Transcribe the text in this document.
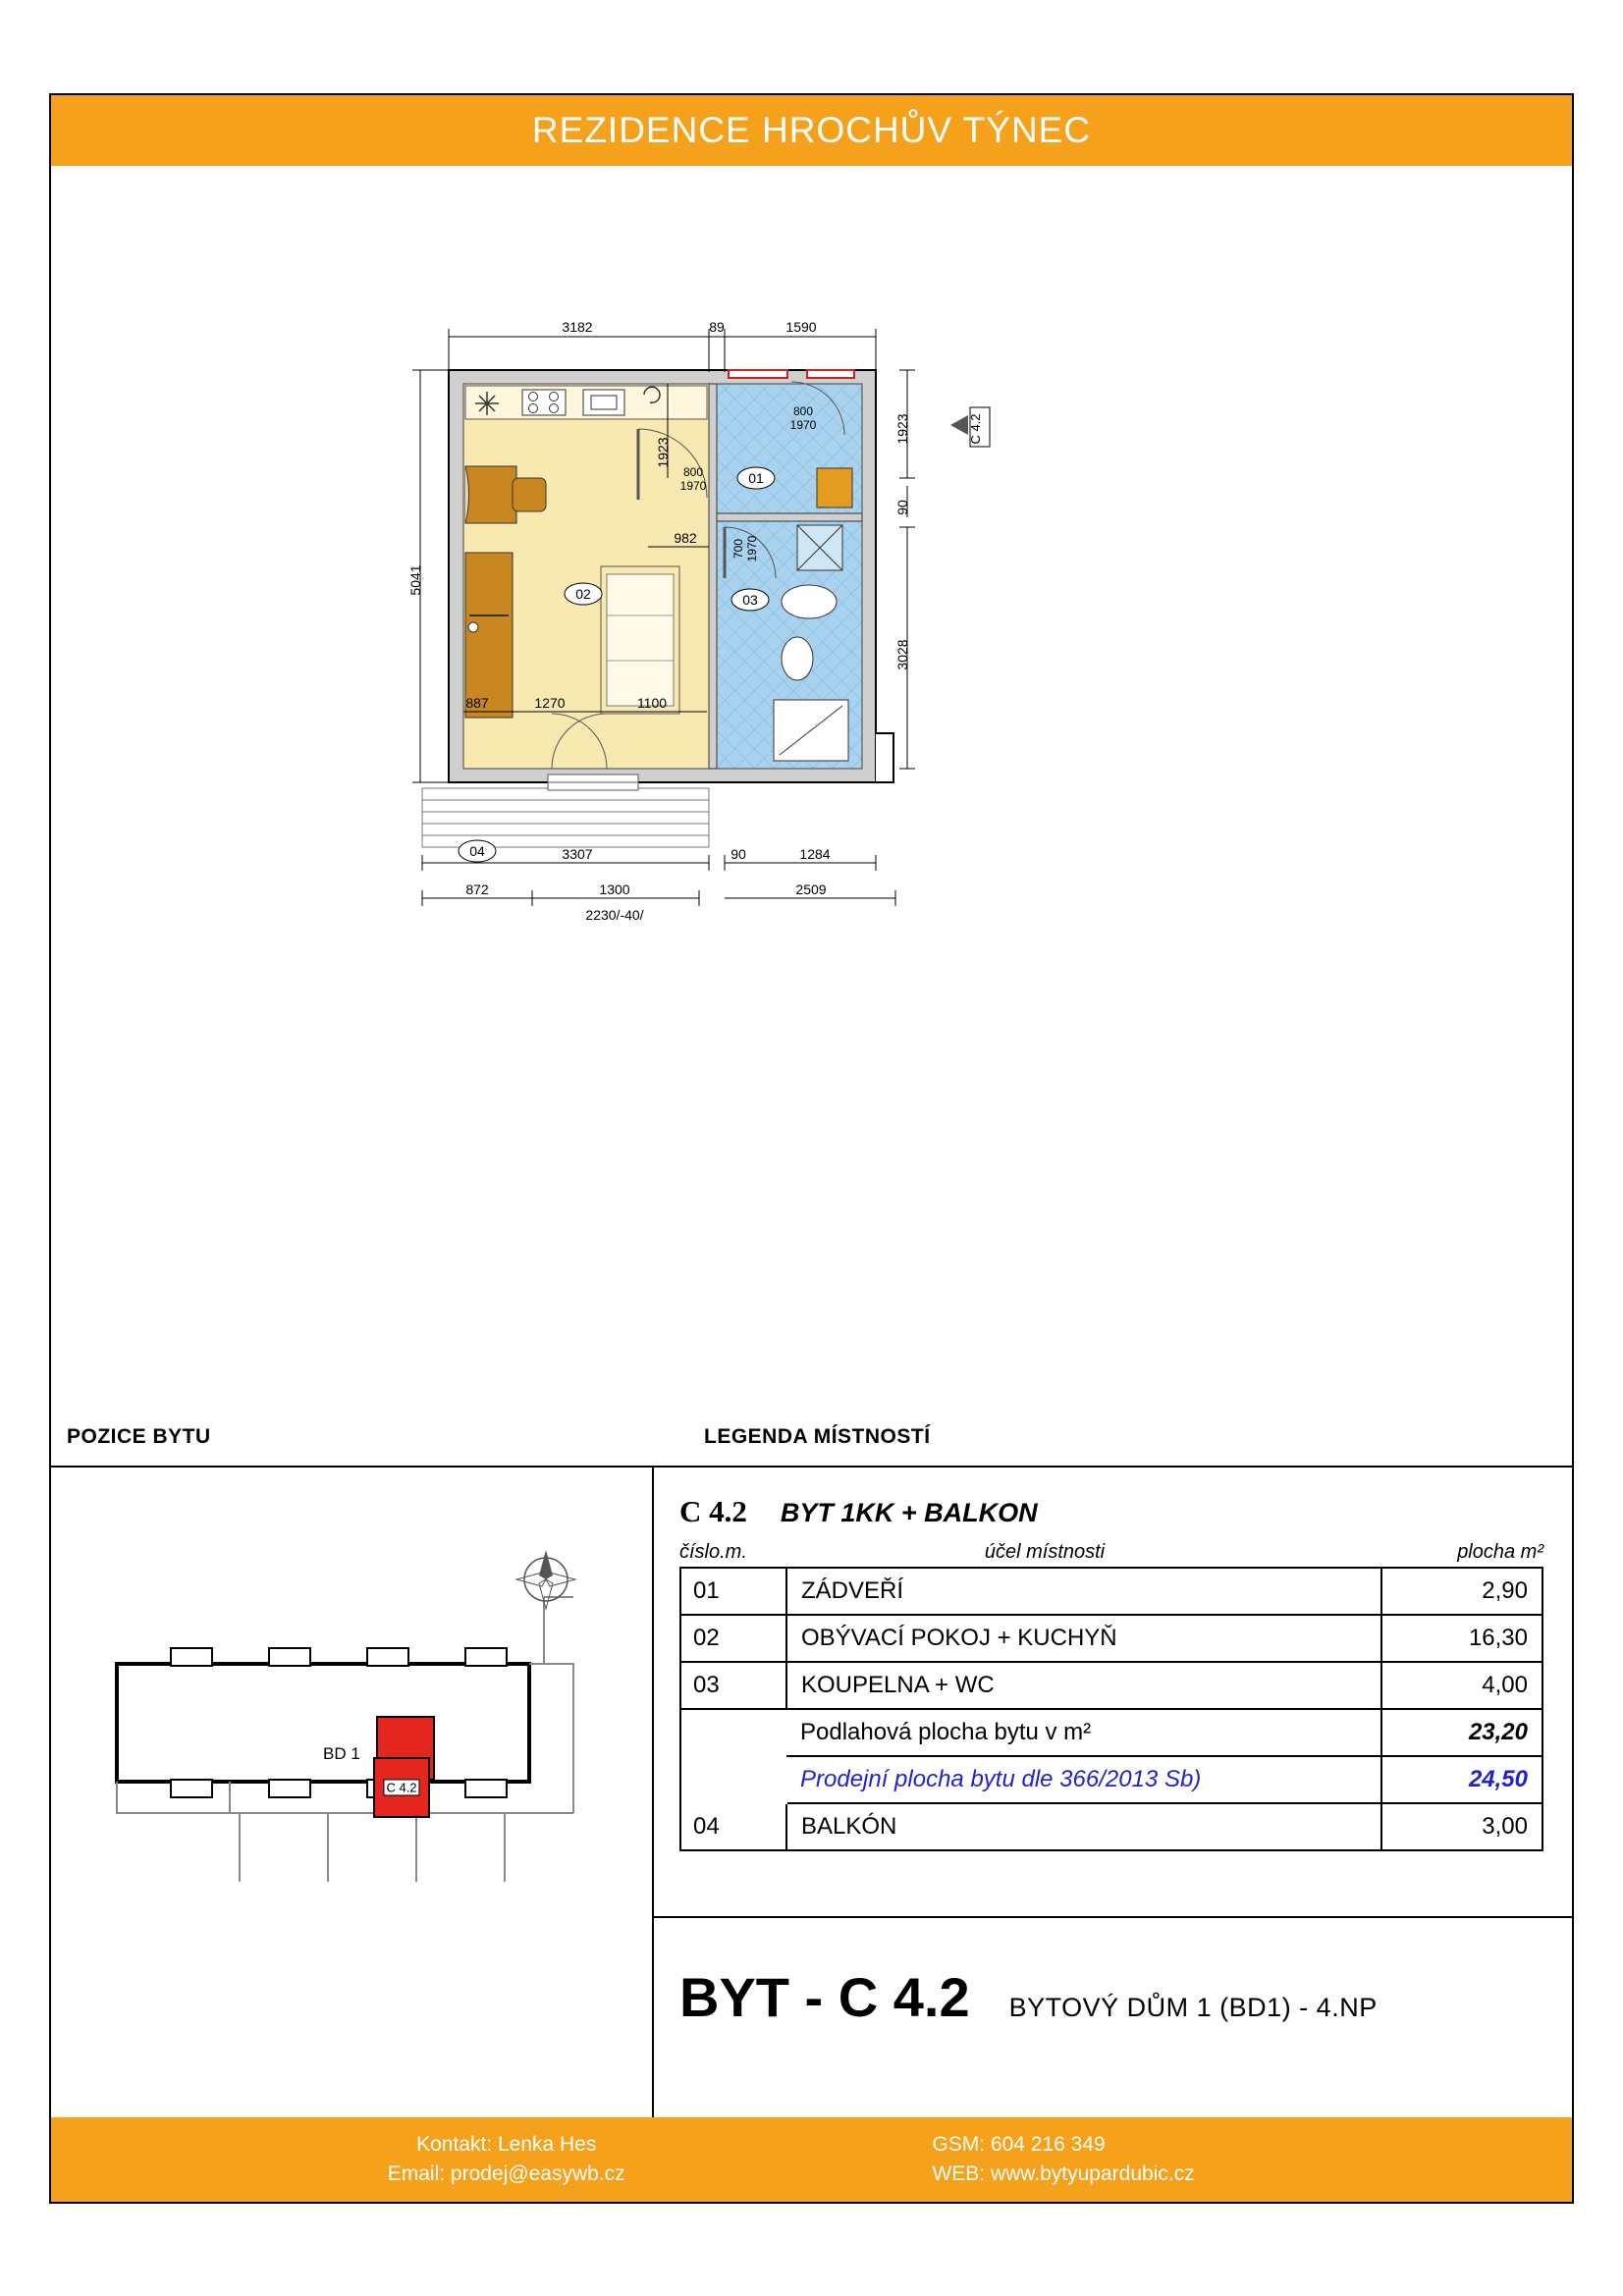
REZIDENCE HROCHŮV TÝNEC
3182	89	1590
3307	90	1284
872	1300	2509
2230/-40/
1923
1923
90
3028
5041
982
887	1270	1100
800
1970
800
1970
700 1970
01
02	03
04
C 4.2
POZICE BYTU	LEGENDA MÍSTNOSTÍ
BD 1
C 4.2
C 4.2 BYT 1KK + BALKON
číslo.m.	účel místnosti	plocha m²
01	ZÁDVEŘÍ	2,90
02	OBÝVACÍ POKOJ + KUCHYŇ	16,30
03	KOUPELNA + WC	4,00
	Podlahová plocha bytu v m²	23,20
	Prodejní plocha bytu dle 366/2013 Sb)	24,50
04	BALKÓN	3,00
BYT - C 4.2 BYTOVÝ DŮM 1 (BD1) - 4.NP
Kontakt: Lenka Hes
Email: prodej@easywb.cz
GSM: 604 216 349
WEB: www.bytyupardubic.cz
